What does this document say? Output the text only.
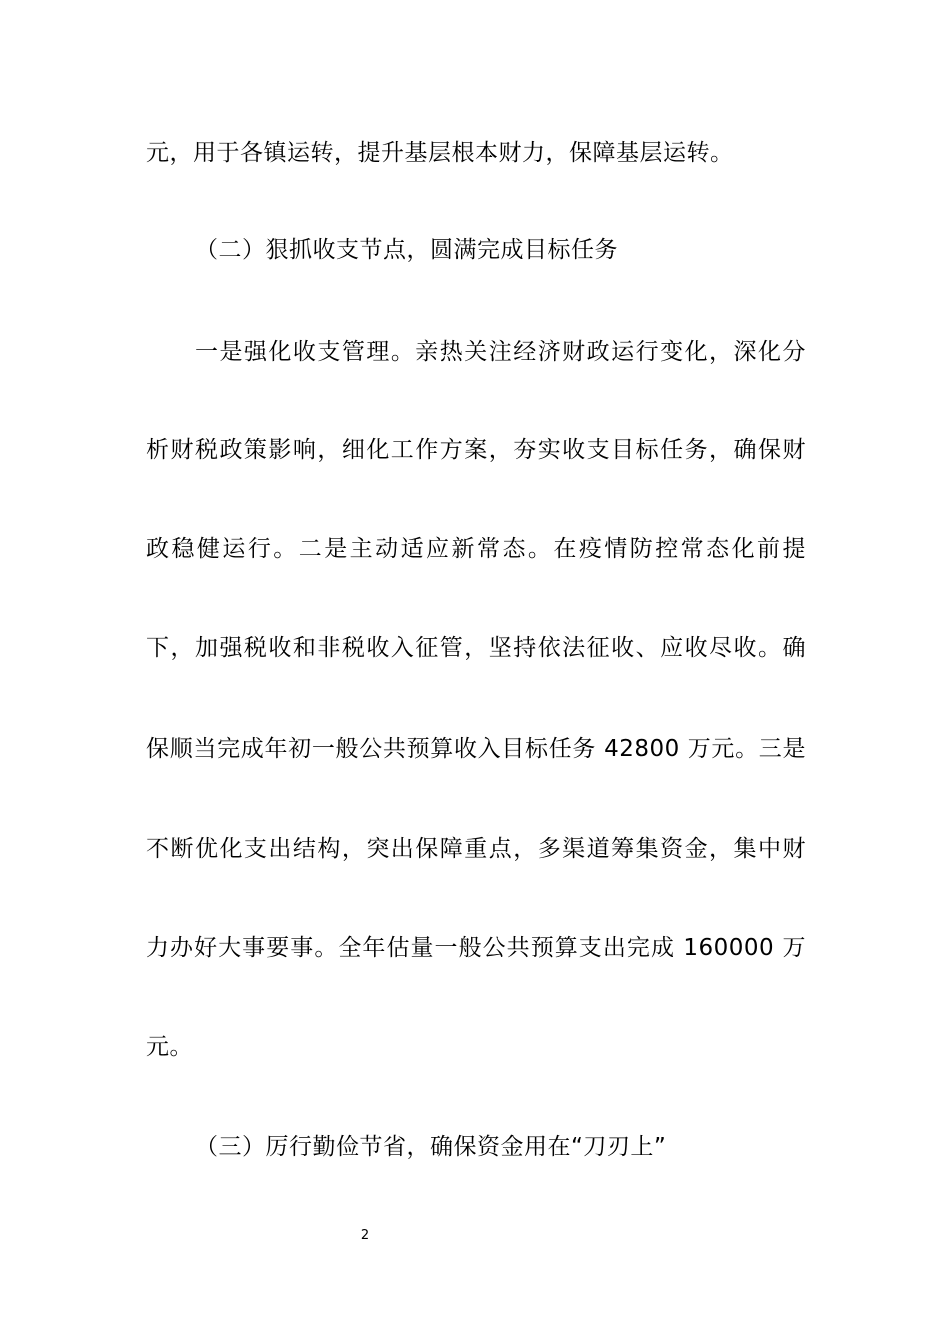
元，用于各镇运转，提升基层根本财力，保障基层运转。
（二）狠抓收支节点，圆满完成目标任务
一是强化收支管理。亲热关注经济财政运行变化，深化分
析财税政策影响，细化工作方案，夯实收支目标任务，确保财
政稳健运行。二是主动适应新常态。在疫情防控常态化前提
下，加强税收和非税收入征管，坚持依法征收、应收尽收。确
保顺当完成年初一般公共预算收入目标任务 42800 万元。三是
不断优化支出结构，突出保障重点，多渠道筹集资金，集中财
力办好大事要事。全年估量一般公共预算支出完成 160000 万
元。
（三）厉行勤俭节省，确保资金用在“刀刃上”
2
